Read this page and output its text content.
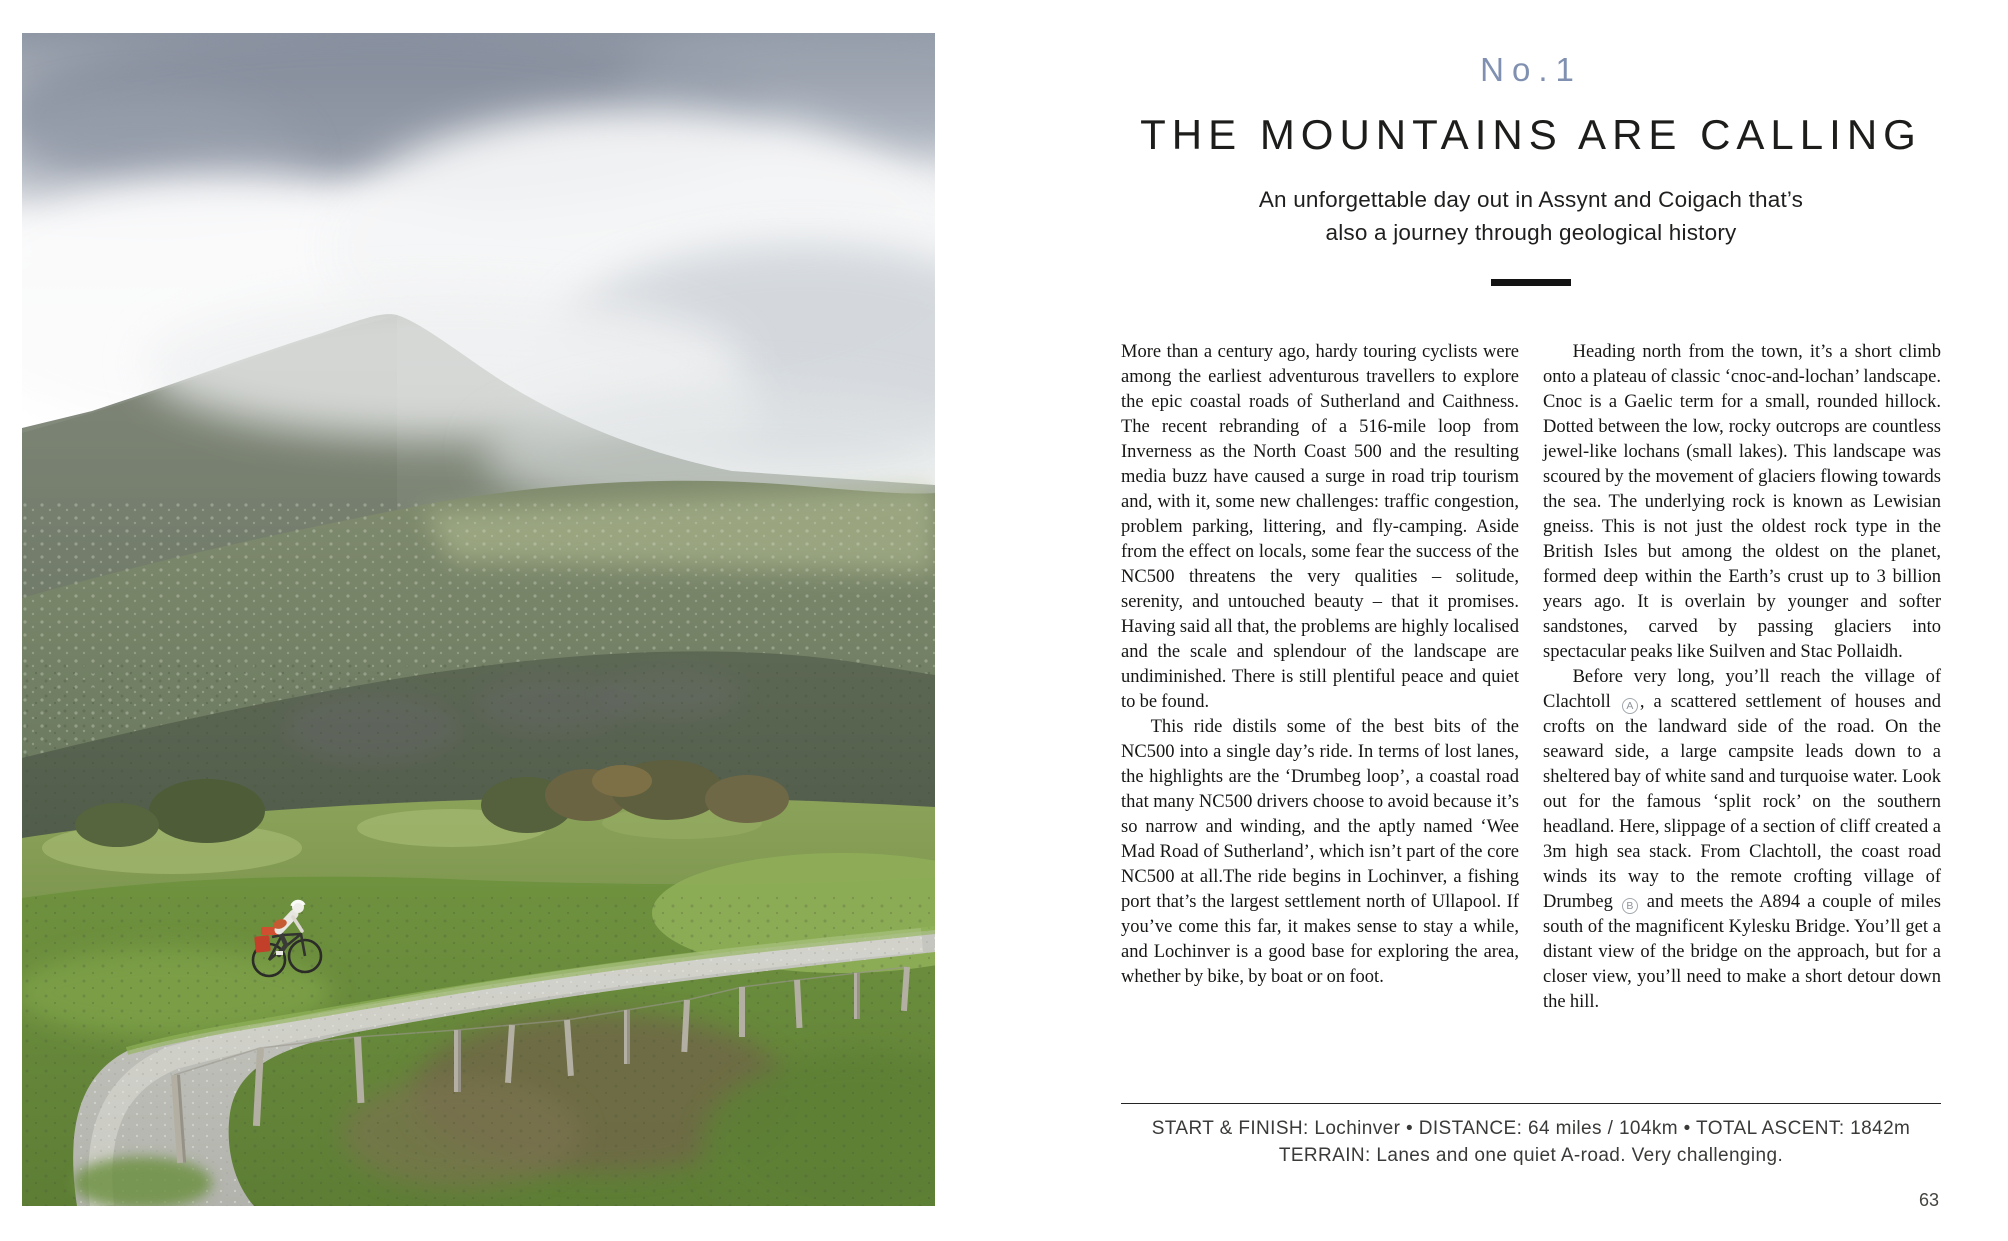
No.1
THE MOUNTAINS ARE CALLING
An unforgettable day out in Assynt and Coigach that’s
also a journey through geological history

More than a century ago, hardy touring cyclists were among the earliest adventurous travellers to explore the epic coastal roads of Sutherland and Caithness. The recent rebranding of a 516-mile loop from Inverness as the North Coast 500 and the resulting media buzz have caused a surge in road trip tourism and, with it, some new challenges: traffic congestion, problem parking, littering, and fly-camping. Aside from the effect on locals, some fear the success of the NC500 threatens the very qualities – solitude, serenity, and untouched beauty – that it promises. Having said all that, the problems are highly localised and the scale and splendour of the landscape are undiminished. There is still plentiful peace and quiet to be found.

This ride distils some of the best bits of the NC500 into a single day’s ride. In terms of lost lanes, the highlights are the ‘Drumbeg loop’, a coastal road that many NC500 drivers choose to avoid because it’s so narrow and winding, and the aptly named ‘Wee Mad Road of Sutherland’, which isn’t part of the core NC500 at all.The ride begins in Lochinver, a fishing port that’s the largest settlement north of Ullapool. If you’ve come this far, it makes sense to stay a while, and Lochinver is a good base for exploring the area, whether by bike, by boat or on foot.

Heading north from the town, it’s a short climb onto a plateau of classic ‘cnoc-and-lochan’ landscape. Cnoc is a Gaelic term for a small, rounded hillock. Dotted between the low, rocky outcrops are countless jewel-like lochans (small lakes). This landscape was scoured by the movement of glaciers flowing towards the sea. The underlying rock is known as Lewisian gneiss. This is not just the oldest rock type in the British Isles but among the oldest on the planet, formed deep within the Earth’s crust up to 3 billion years ago. It is overlain by younger and softer sandstones, carved by passing glaciers into spectacular peaks like Suilven and Stac Pollaidh.

Before very long, you’ll reach the village of Clachtoll A , a scattered settlement of houses and crofts on the landward side of the road. On the seaward side, a large campsite leads down to a sheltered bay of white sand and turquoise water. Look out for the famous ‘split rock’ on the southern headland. Here, slippage of a section of cliff created a 3m high sea stack. From Clachtoll, the coast road winds its way to the remote crofting village of Drumbeg B and meets the A894 a couple of miles south of the magnificent Kylesku Bridge. You’ll get a distant view of the bridge on the approach, but for a closer view, you’ll need to make a short detour down the hill.

START & FINISH: Lochinver • DISTANCE: 64 miles / 104km • TOTAL ASCENT: 1842m

TERRAIN: Lanes and one quiet A-road. Very challenging.

63
